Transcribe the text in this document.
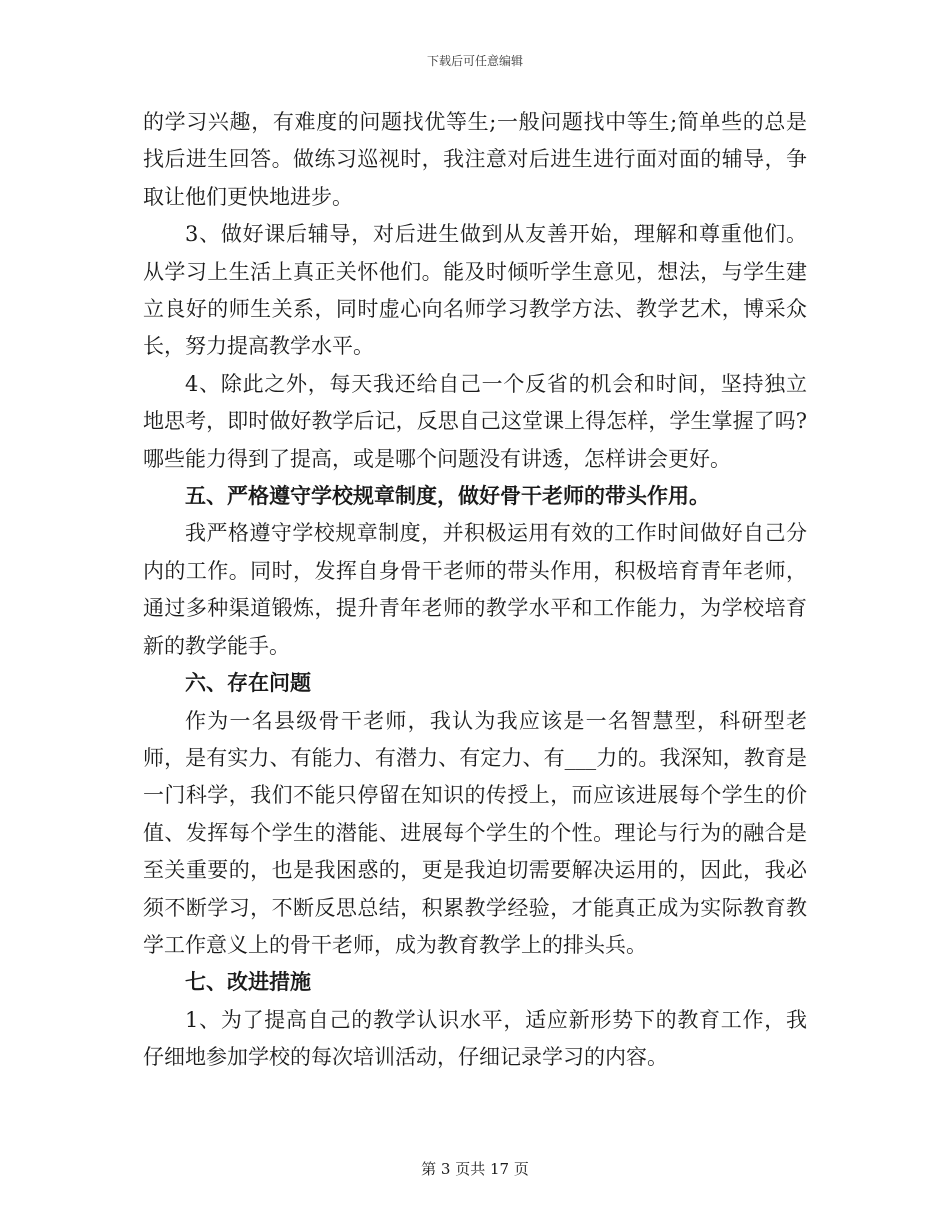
下载后可任意编辑

的学习兴趣，有难度的问题找优等生;一般问题找中等生;简单些的总是找后进生回答。做练习巡视时，我注意对后进生进行面对面的辅导，争取让他们更快地进步。

3、做好课后辅导，对后进生做到从友善开始，理解和尊重他们。从学习上生活上真正关怀他们。能及时倾听学生意见，想法，与学生建立良好的师生关系，同时虚心向名师学习教学方法、教学艺术，博采众长，努力提高教学水平。

4、除此之外，每天我还给自己一个反省的机会和时间，坚持独立地思考，即时做好教学后记，反思自己这堂课上得怎样，学生掌握了吗?哪些能力得到了提高，或是哪个问题没有讲透，怎样讲会更好。

五、严格遵守学校规章制度，做好骨干老师的带头作用。

我严格遵守学校规章制度，并积极运用有效的工作时间做好自己分内的工作。同时，发挥自身骨干老师的带头作用，积极培育青年老师，通过多种渠道锻炼，提升青年老师的教学水平和工作能力，为学校培育新的教学能手。

六、存在问题

作为一名县级骨干老师，我认为我应该是一名智慧型，科研型老师，是有实力、有能力、有潜力、有定力、有___力的。我深知，教育是一门科学，我们不能只停留在知识的传授上，而应该进展每个学生的价值、发挥每个学生的潜能、进展每个学生的个性。理论与行为的融合是至关重要的，也是我困惑的，更是我迫切需要解决运用的，因此，我必须不断学习，不断反思总结，积累教学经验，才能真正成为实际教育教学工作意义上的骨干老师，成为教育教学上的排头兵。

七、改进措施

1、为了提高自己的教学认识水平，适应新形势下的教育工作，我仔细地参加学校的每次培训活动，仔细记录学习的内容。

第 3 页共 17 页
